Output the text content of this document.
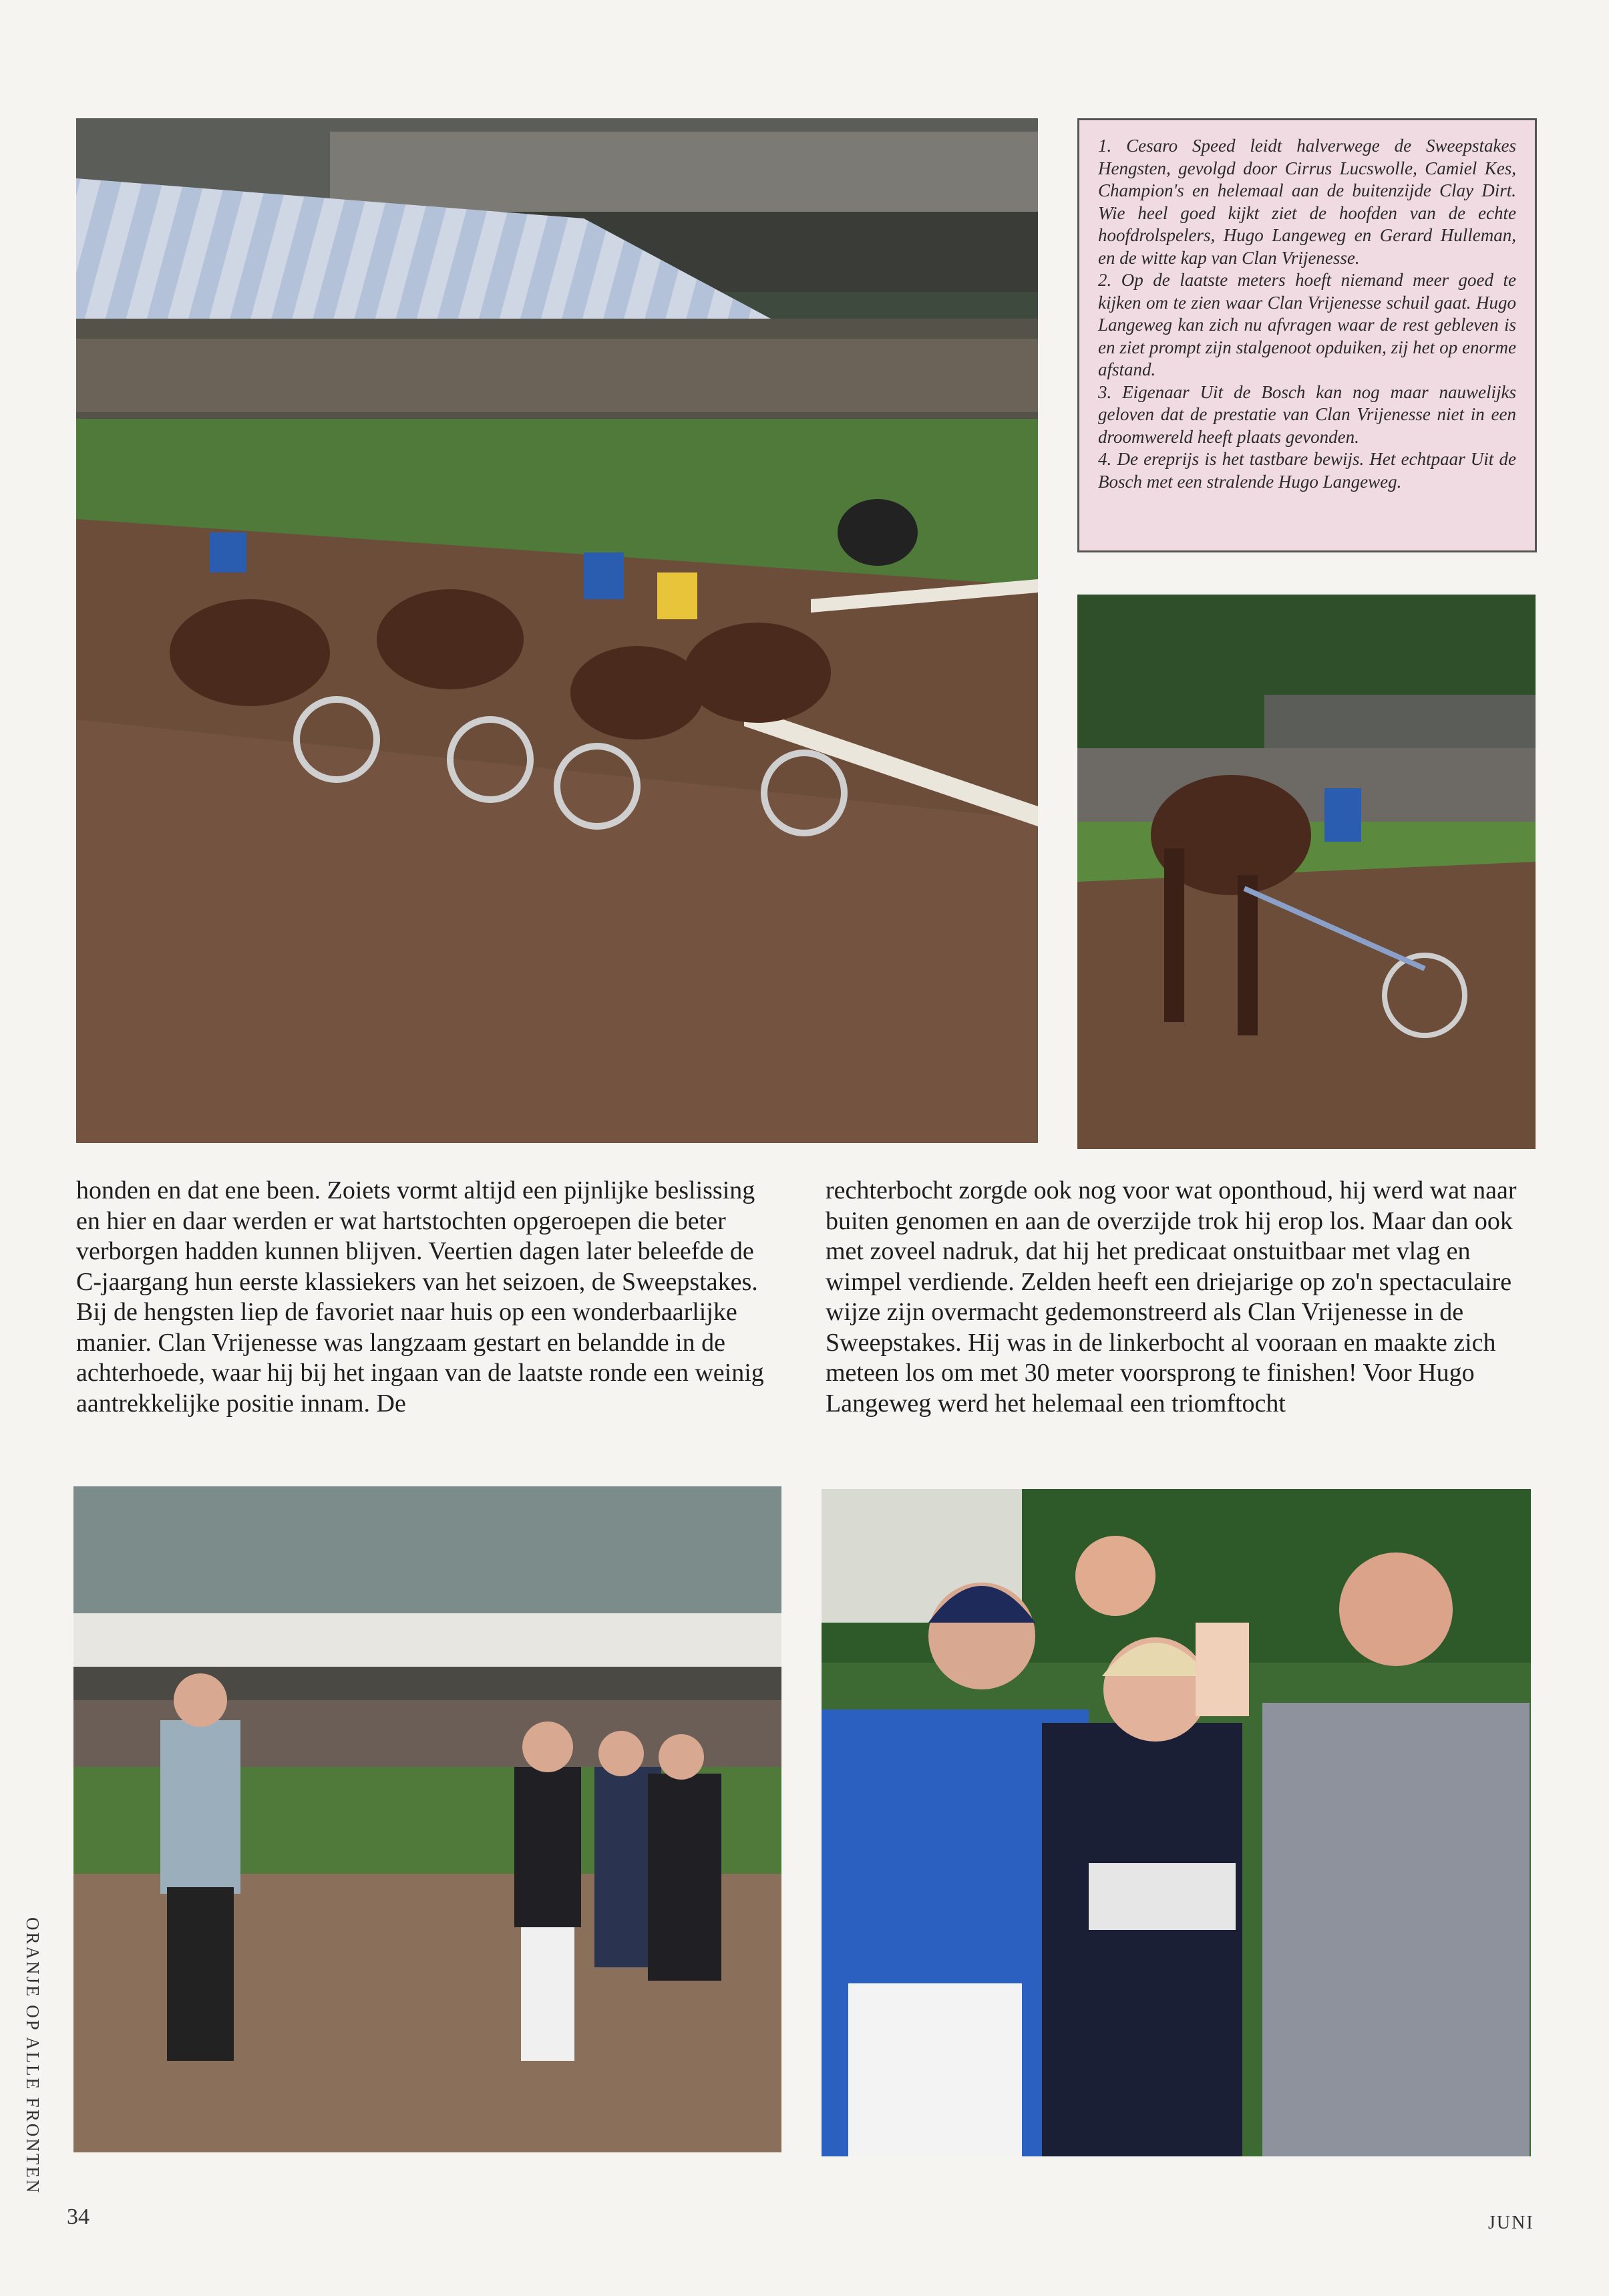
1. Cesaro Speed leidt halverwege de Sweepstakes Hengsten, gevolgd door Cirrus Lucswolle, Camiel Kes, Champion's en helemaal aan de buitenzijde Clay Dirt. Wie heel goed kijkt ziet de hoofden van de echte hoofdrolspelers, Hugo Langeweg en Gerard Hulleman, en de witte kap van Clan Vrijenesse.

2. Op de laatste meters hoeft niemand meer goed te kijken om te zien waar Clan Vrijenesse schuil gaat. Hugo Langeweg kan zich nu afvragen waar de rest gebleven is en ziet prompt zijn stalgenoot opduiken, zij het op enorme afstand.

3. Eigenaar Uit de Bosch kan nog maar nauwelijks geloven dat de prestatie van Clan Vrijenesse niet in een droomwereld heeft plaats gevonden.

4. De ereprijs is het tastbare bewijs. Het echtpaar Uit de Bosch met een stralende Hugo Langeweg.

honden en dat ene been. Zoiets vormt altijd een pijnlijke beslissing en hier en daar werden er wat hartstochten opgeroepen die beter verborgen hadden kunnen blijven. Veertien dagen later beleefde de C-jaargang hun eerste klassiekers van het seizoen, de Sweepstakes. Bij de hengsten liep de favoriet naar huis op een wonderbaarlijke manier. Clan Vrijenesse was langzaam gestart en belandde in de achterhoede, waar hij bij het ingaan van de laatste ronde een weinig aantrekkelijke positie innam. De

rechterbocht zorgde ook nog voor wat oponthoud, hij werd wat naar buiten genomen en aan de overzijde trok hij erop los. Maar dan ook met zoveel nadruk, dat hij het predicaat onstuitbaar met vlag en wimpel verdiende. Zelden heeft een driejarige op zo'n spectaculaire wijze zijn overmacht gedemonstreerd als Clan Vrijenesse in de Sweepstakes. Hij was in de linkerbocht al vooraan en maakte zich meteen los om met 30 meter voorsprong te finishen! Voor Hugo Langeweg werd het helemaal een triomftocht

ORANJE OP ALLE FRONTEN
34	JUNI
